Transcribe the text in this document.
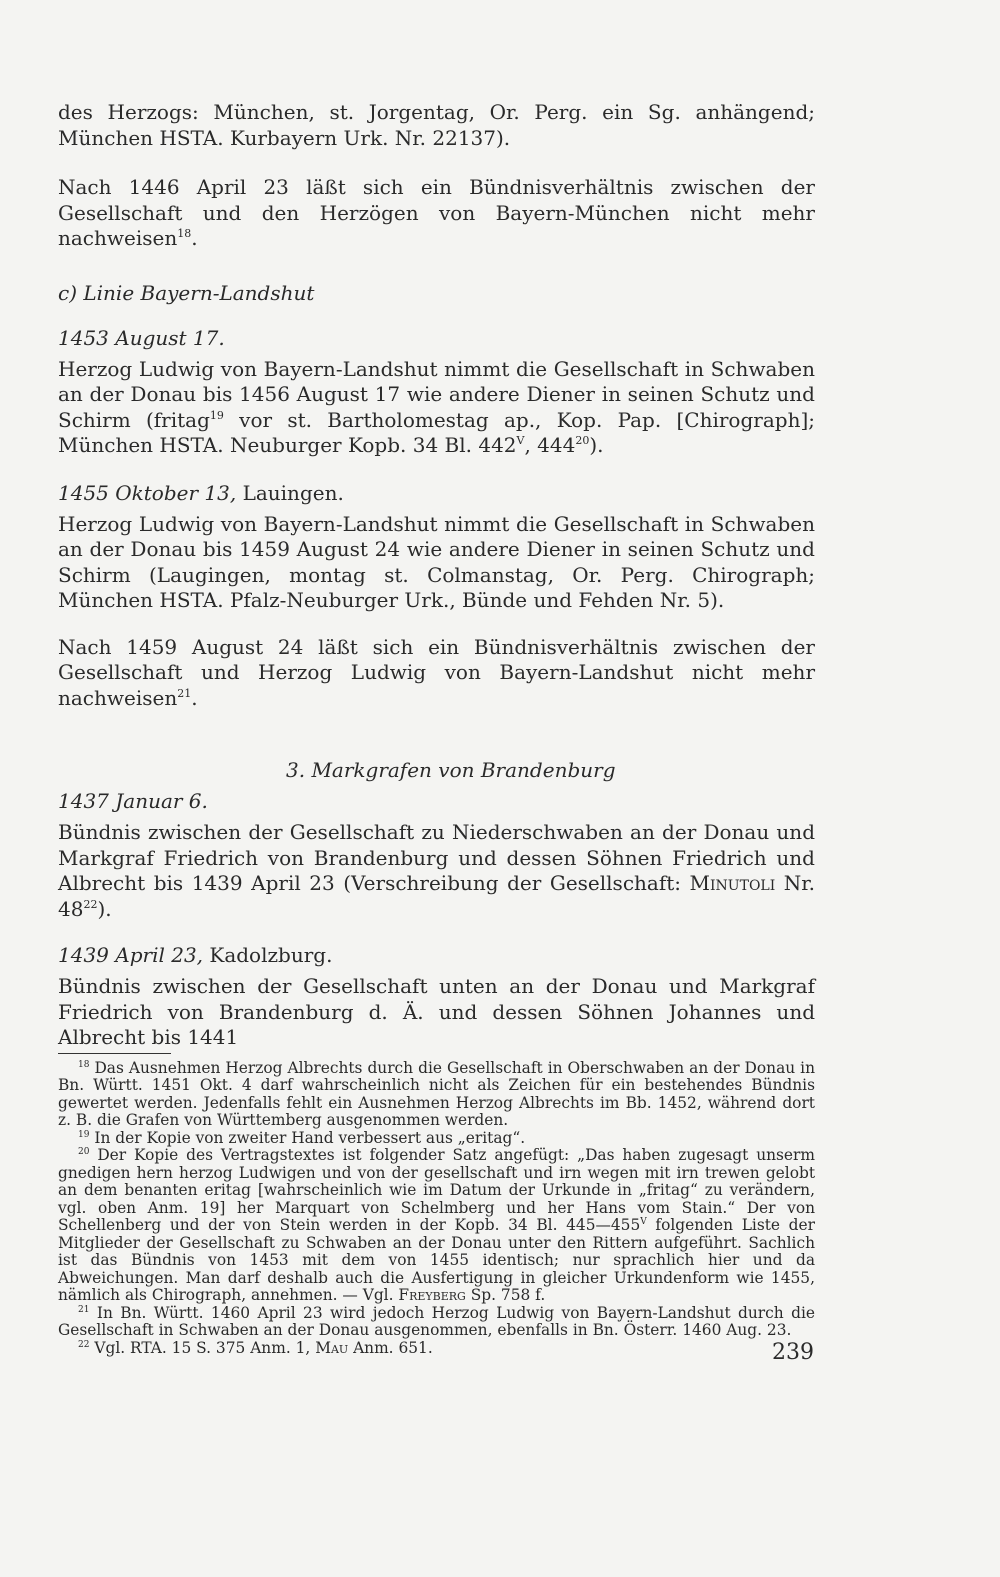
des Herzogs: München, st. Jorgentag, Or. Perg. ein Sg. anhängend; München HSTA. Kurbayern Urk. Nr. 22137).

Nach 1446 April 23 läßt sich ein Bündnisverhältnis zwischen der Gesellschaft und den Herzögen von Bayern-München nicht mehr nachweisen$^{18}$.

c) Linie Bayern-Landshut

1453 August 17.

Herzog Ludwig von Bayern-Landshut nimmt die Gesellschaft in Schwaben an der Donau bis 1456 August 17 wie andere Diener in seinen Schutz und Schirm (fritag$^{19}$ vor st. Bartholomestag ap., Kop. Pap. [Chirograph]; München HSTA. Neuburger Kopb. 34 Bl. $442^V$, $444^{20}$).

1455 Oktober 13, Lauingen.

Herzog Ludwig von Bayern-Landshut nimmt die Gesellschaft in Schwaben an der Donau bis 1459 August 24 wie andere Diener in seinen Schutz und Schirm (Laugingen, montag st. Colmanstag, Or. Perg. Chirograph; München HSTA. Pfalz-Neuburger Urk., Bünde und Fehden Nr. 5).

Nach 1459 August 24 läßt sich ein Bündnisverhältnis zwischen der Gesellschaft und Herzog Ludwig von Bayern-Landshut nicht mehr nachweisen$^{21}$.

3. Markgrafen von Brandenburg

1437 Januar 6.

Bündnis zwischen der Gesellschaft zu Niederschwaben an der Donau und Markgraf Friedrich von Brandenburg und dessen Söhnen Friedrich und Albrecht bis 1439 April 23 (Verschreibung der Gesellschaft: Minutoli Nr. $48^{22}$).

1439 April 23, Kadolzburg.

Bündnis zwischen der Gesellschaft unten an der Donau und Markgraf Friedrich von Brandenburg d. Ä. und dessen Söhnen Johannes und Albrecht bis 1441

$^{18}$ Das Ausnehmen Herzog Albrechts durch die Gesellschaft in Oberschwaben an der Donau in Bn. Württ. 1451 Okt. 4 darf wahrscheinlich nicht als Zeichen für ein bestehendes Bündnis gewertet werden. Jedenfalls fehlt ein Ausnehmen Herzog Albrechts im Bb. 1452, während dort z. B. die Grafen von Württemberg ausgenommen werden.

$^{19}$ In der Kopie von zweiter Hand verbessert aus „eritag“.

$^{20}$ Der Kopie des Vertragstextes ist folgender Satz angefügt: „Das haben zugesagt unserm gnedigen hern herzog Ludwigen und von der gesellschaft und irn wegen mit irn trewen gelobt an dem benanten eritag [wahrscheinlich wie im Datum der Urkunde in „fritag“ zu verändern, vgl. oben Anm. 19] her Marquart von Schelmberg und her Hans vom Stain.“ Der von Schellenberg und der von Stein werden in der Kopb. 34 Bl. $445—455^V$ folgenden Liste der Mitglieder der Gesellschaft zu Schwaben an der Donau unter den Rittern aufgeführt. Sachlich ist das Bündnis von 1453 mit dem von 1455 identisch; nur sprachlich hier und da Abweichungen. Man darf deshalb auch die Ausfertigung in gleicher Urkundenform wie 1455, nämlich als Chirograph, annehmen. — Vgl. Freyberg Sp. 758 f.

$^{21}$ In Bn. Württ. 1460 April 23 wird jedoch Herzog Ludwig von Bayern-Landshut durch die Gesellschaft in Schwaben an der Donau ausgenommen, ebenfalls in Bn. Österr. 1460 Aug. 23.

$^{22}$ Vgl. RTA. 15 S. 375 Anm. 1, Mau Anm. 651.	239
